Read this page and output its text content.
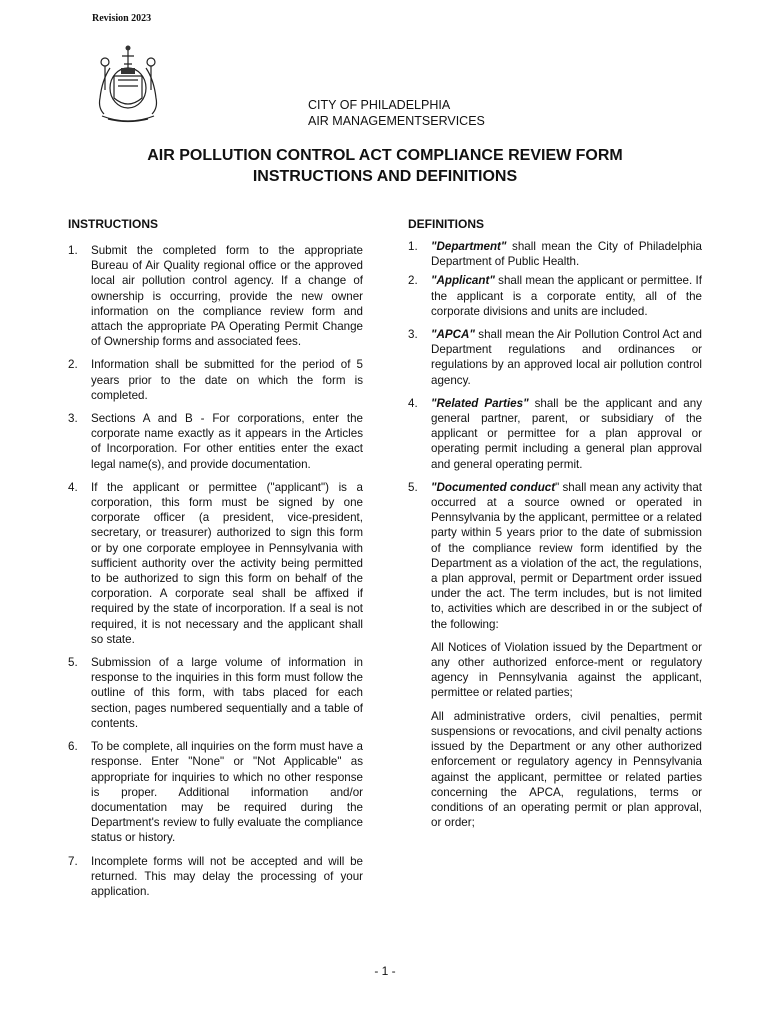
Revision 2023
CITY OF PHILADELPHIA
AIR MANAGEMENTSERVICES
AIR POLLUTION CONTROL ACT COMPLIANCE REVIEW FORM
INSTRUCTIONS AND DEFINITIONS
INSTRUCTIONS
1.	Submit the completed form to the appropriate Bureau of Air Quality regional office or the approved local air pollution control agency. If a change of ownership is occurring, provide the new owner information on the compliance review form and attach the appropriate PA Operating Permit Change of Ownership forms and associated fees.
2.	Information shall be submitted for the period of 5 years prior to the date on which the form is completed.
3.	Sections A and B - For corporations, enter the corporate name exactly as it appears in the Articles of Incorporation. For other entities enter the exact legal name(s), and provide documentation.
4.	If the applicant or permittee ("applicant") is a corporation, this form must be signed by one corporate officer (a president, vice-president, secretary, or treasurer) authorized to sign this form or by one corporate employee in Pennsylvania with sufficient authority over the activity being permitted to be authorized to sign this form on behalf of the corporation. A corporate seal shall be affixed if required by the state of incorporation. If a seal is not required, it is not necessary and the applicant shall so state.
5.	Submission of a large volume of information in response to the inquiries in this form must follow the outline of this form, with tabs placed for each section, pages numbered sequentially and a table of contents.
6.	To be complete, all inquiries on the form must have a response. Enter "None" or "Not Applicable" as appropriate for inquiries to which no other response is proper. Additional information and/or documentation may be required during the Department's review to fully evaluate the compliance status or history.
7.	Incomplete forms will not be accepted and will be returned. This may delay the processing of your application.
DEFINITIONS
1.	"Department" shall mean the City of Philadelphia Department of Public Health.
2.	"Applicant" shall mean the applicant or permittee. If the applicant is a corporate entity, all of the corporate divisions and units are included.
3.	"APCA" shall mean the Air Pollution Control Act and Department regulations and ordinances or regulations by an approved local air pollution control agency.
4.	"Related Parties" shall be the applicant and any general partner, parent, or subsidiary of the applicant or permittee for a plan approval or operating permit including a general plan approval and general operating permit.
5.	"Documented conduct" shall mean any activity that occurred at a source owned or operated in Pennsylvania by the applicant, permittee or a related party within 5 years prior to the date of submission of the compliance review form identified by the Department as a violation of the act, the regulations, a plan approval, permit or Department order issued under the act. The term includes, but is not limited to, activities which are described in or the subject of the following:
All Notices of Violation issued by the Department or any other authorized enforce-ment or regulatory agency in Pennsylvania against the applicant, permittee or related parties;
All administrative orders, civil penalties, permit suspensions or revocations, and civil penalty actions issued by the Department or any other authorized enforcement or regulatory agency in Pennsylvania against the applicant, permittee or related parties concerning the APCA, regulations, terms or conditions of an operating permit or plan approval, or order;
- 1 -
